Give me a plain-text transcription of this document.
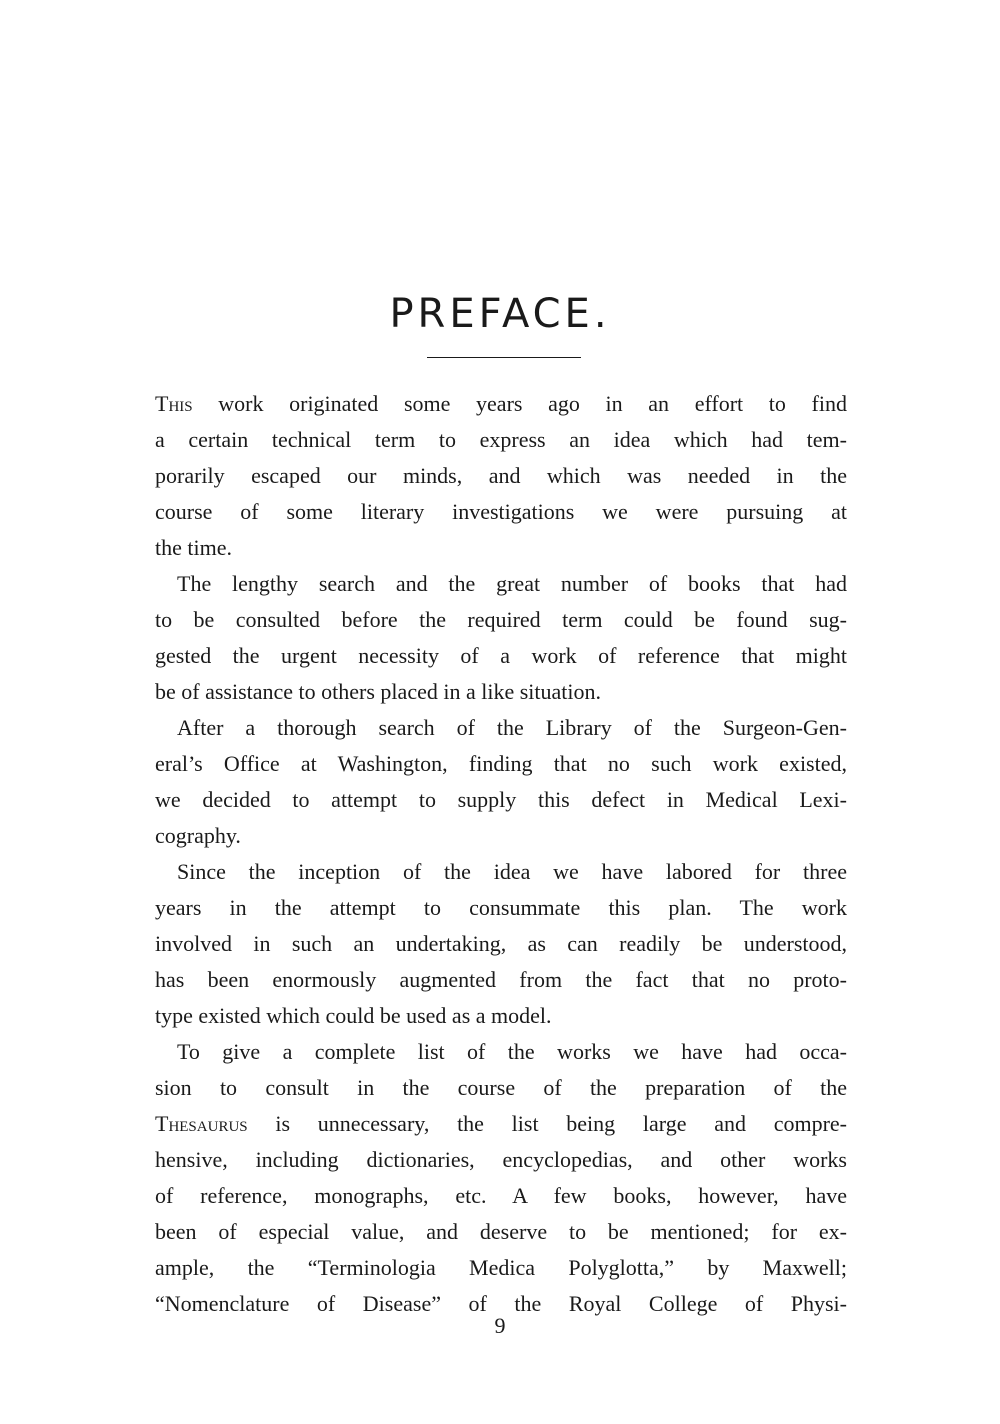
PREFACE.
This work originated some years ago in an effort to find
a certain technical term to express an idea which had tem-
porarily escaped our minds, and which was needed in the
course of some literary investigations we were pursuing at
the time.
The lengthy search and the great number of books that had
to be consulted before the required term could be found sug-
gested the urgent necessity of a work of reference that might
be of assistance to others placed in a like situation.
After a thorough search of the Library of the Surgeon-Gen-
eral’s Office at Washington, finding that no such work existed,
we decided to attempt to supply this defect in Medical Lexi-
cography.
Since the inception of the idea we have labored for three
years in the attempt to consummate this plan. The work
involved in such an undertaking, as can readily be understood,
has been enormously augmented from the fact that no proto-
type existed which could be used as a model.
To give a complete list of the works we have had occa-
sion to consult in the course of the preparation of the
Thesaurus is unnecessary, the list being large and compre-
hensive, including dictionaries, encyclopedias, and other works
of reference, monographs, etc. A few books, however, have
been of especial value, and deserve to be mentioned; for ex-
ample, the “Terminologia Medica Polyglotta,” by Maxwell;
“Nomenclature of Disease” of the Royal College of Physi-
9
